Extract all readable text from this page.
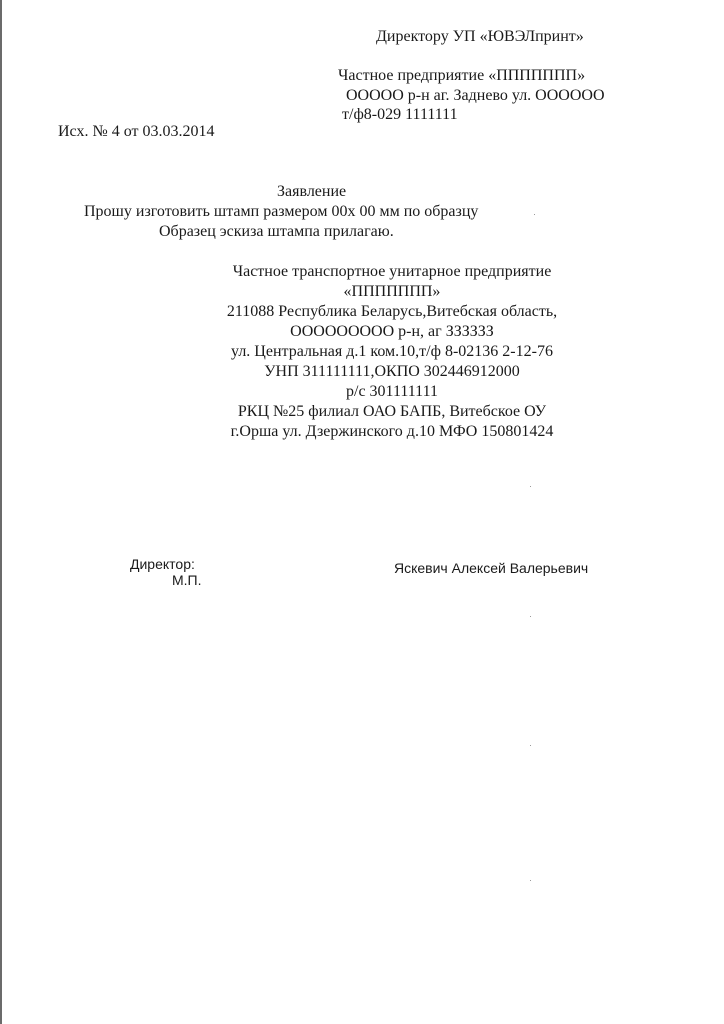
Директору УП «ЮВЭЛпринт»
Частное предприятие «ППППППП»
ООООО р-н аг. Заднево ул. ОООООО
т/ф8-029 1111111
Исх. № 4 от 03.03.2014
Заявление
Прошу изготовить штамп размером 00х 00 мм по образцу
Образец эскиза штампа прилагаю.
Частное транспортное унитарное предприятие
«ППППППП»
211088 Республика Беларусь,Витебская область,
ООООООООО р-н, аг ЗЗЗЗЗЗ
ул. Центральная д.1 ком.10,т/ф 8-02136 2-12-76
УНП 311111111,ОКПО 302446912000
р/с 301111111
РКЦ №25 филиал ОАО БАПБ, Витебское ОУ
г.Орша ул. Дзержинского д.10 МФО 150801424
Директор:
М.П.
Яскевич Алексей Валерьевич
